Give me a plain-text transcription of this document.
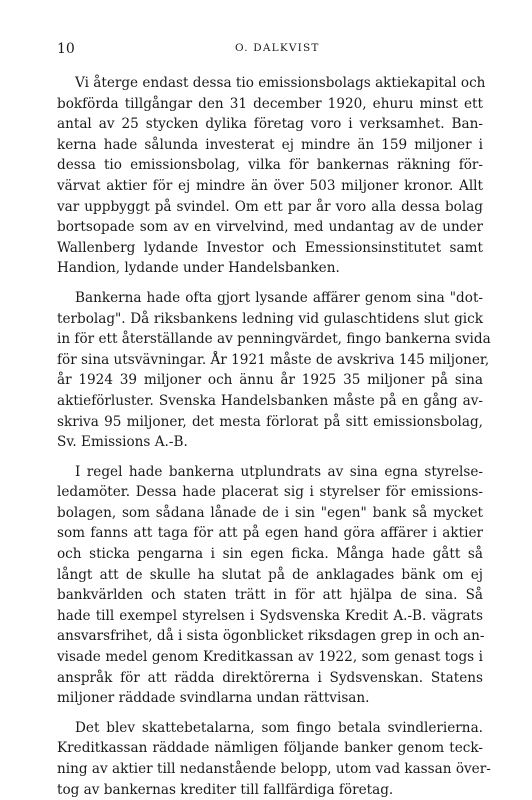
10	O. DALKVIST

Vi återge endast dessa tio emissionsbolags aktiekapital och
bokförda tillgångar den 31 december 1920, ehuru minst ett
antal av 25 stycken dylika företag voro i verksamhet. Ban-
kerna hade sålunda investerat ej mindre än 159 miljoner i
dessa tio emissionsbolag, vilka för bankernas räkning för-
värvat aktier för ej mindre än över 503 miljoner kronor. Allt
var uppbyggt på svindel. Om ett par år voro alla dessa bolag
bortsopade som av en virvelvind, med undantag av de under
Wallenberg lydande Investor och Emessionsinstitutet samt
Handion, lydande under Handelsbanken.

Bankerna hade ofta gjort lysande affärer genom sina "dot-
terbolag". Då riksbankens ledning vid gulaschtidens slut gick
in för ett återställande av penningvärdet, fingo bankerna svida
för sina utsvävningar. År 1921 måste de avskriva 145 miljoner,
år 1924 39 miljoner och ännu år 1925 35 miljoner på sina
aktieförluster. Svenska Handelsbanken måste på en gång av-
skriva 95 miljoner, det mesta förlorat på sitt emissionsbolag,
Sv. Emissions A.-B.

I regel hade bankerna utplundrats av sina egna styrelse-
ledamöter. Dessa hade placerat sig i styrelser för emissions-
bolagen, som sådana lånade de i sin "egen" bank så mycket
som fanns att taga för att på egen hand göra affärer i aktier
och sticka pengarna i sin egen ficka. Många hade gått så
långt att de skulle ha slutat på de anklagades bänk om ej
bankvärlden och staten trätt in för att hjälpa de sina. Så
hade till exempel styrelsen i Sydsvenska Kredit A.-B. vägrats
ansvarsfrihet, då i sista ögonblicket riksdagen grep in och an-
visade medel genom Kreditkassan av 1922, som genast togs i
anspråk för att rädda direktörerna i Sydsvenskan. Statens
miljoner räddade svindlarna undan rättvisan.

Det blev skattebetalarna, som fingo betala svindlerierna.
Kreditkassan räddade nämligen följande banker genom teck-
ning av aktier till nedanstående belopp, utom vad kassan över-
tog av bankernas krediter till fallfärdiga företag.
